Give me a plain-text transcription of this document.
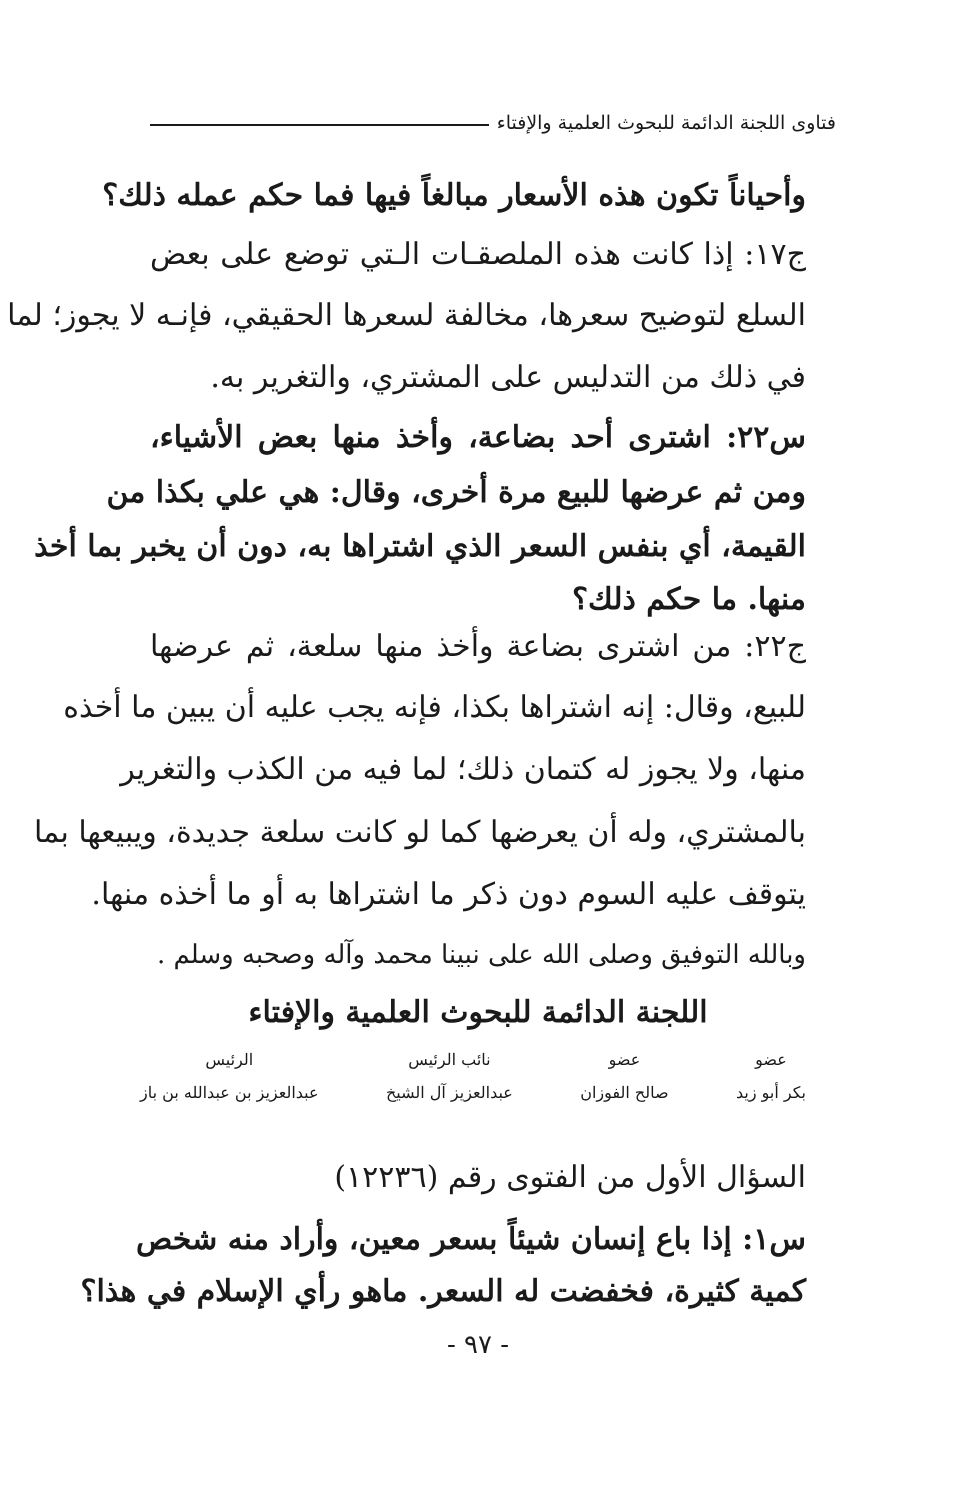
فتاوى اللجنة الدائمة للبحوث العلمية والإفتاء
وأحياناً تكون هذه الأسعار مبالغاً فيها فما حكم عمله ذلك؟
ج١٧: إذا كانت هذه الملصقـات الـتي توضع على بعض
السلع لتوضيح سعرها، مخالفة لسعرها الحقيقي، فإنـه لا يجوز؛ لما
في ذلك من التدليس على المشتري، والتغرير به.
س٢٢: اشترى أحد بضاعة، وأخذ منها بعض الأشياء،
ومن ثم عرضها للبيع مرة أخرى، وقال: هي علي بكذا من
القيمة، أي بنفس السعر الذي اشتراها به، دون أن يخبر بما أخذ
منها. ما حكم ذلك؟
ج٢٢: من اشترى بضاعة وأخذ منها سلعة، ثم عرضها
للبيع، وقال: إنه اشتراها بكذا، فإنه يجب عليه أن يبين ما أخذه
منها، ولا يجوز له كتمان ذلك؛ لما فيه من الكذب والتغرير
بالمشتري، وله أن يعرضها كما لو كانت سلعة جديدة، ويبيعها بما
يتوقف عليه السوم دون ذكر ما اشتراها به أو ما أخذه منها.
وبالله التوفيق وصلى الله على نبينا محمد وآله وصحبه وسلم .
اللجنة الدائمة للبحوث العلمية والإفتاء
عضو
بكر أبو زيد
عضو
صالح الفوزان
نائب الرئيس
عبدالعزيز آل الشيخ
الرئيس
عبدالعزيز بن عبدالله بن باز
السؤال الأول من الفتوى رقم (١٢٢٣٦)
س١: إذا باع إنسان شيئاً بسعر معين، وأراد منه شخص
كمية كثيرة، فخفضت له السعر. ماهو رأي الإسلام في هذا؟
- ٩٧ -
